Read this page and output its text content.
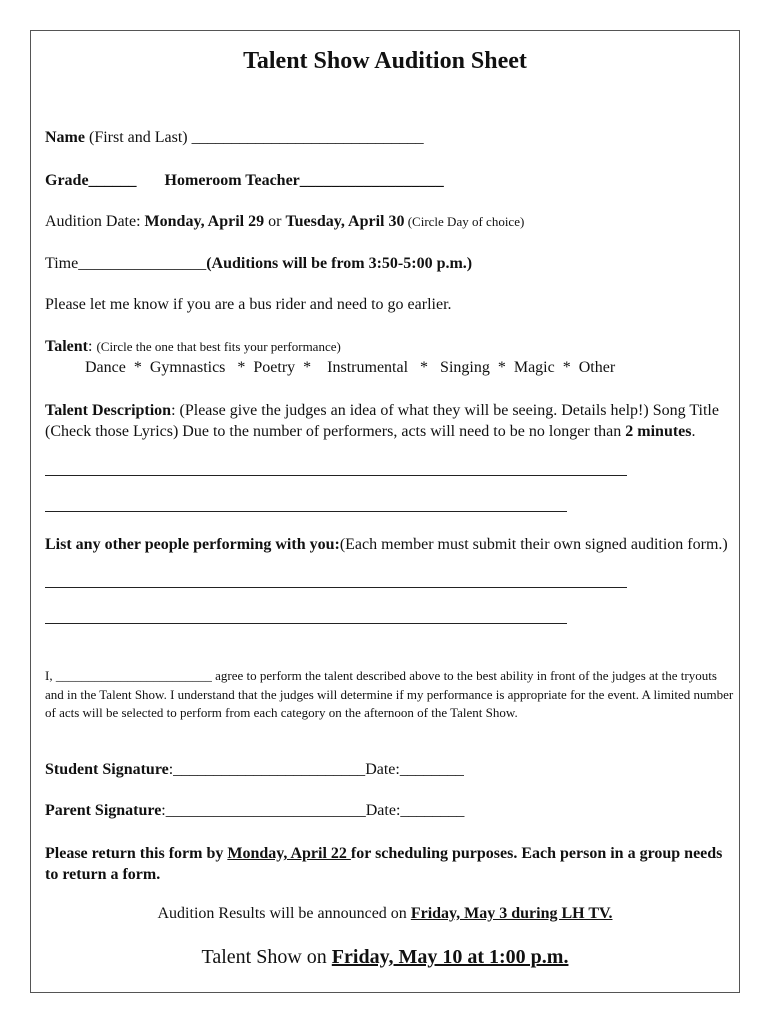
Talent Show Audition Sheet
Name (First and Last) _____________________________
Grade______ Homeroom Teacher__________________
Audition Date: Monday, April 29 or Tuesday, April 30 (Circle Day of choice)
Time________________(Auditions will be from 3:50-5:00 p.m.)
Please let me know if you are a bus rider and need to go earlier.
Talent: (Circle the one that best fits your performance)
Dance  *  Gymnastics   *  Poetry  *    Instrumental   *   Singing  *  Magic  *  Other
Talent Description: (Please give the judges an idea of what they will be seeing. Details help!) Song Title (Check those Lyrics) Due to the number of performers, acts will need to be no longer than 2 minutes.
List any other people performing with you:(Each member must submit their own signed audition form.)
I, ________________________ agree to perform the talent described above to the best ability in front of the judges at the tryouts and in the Talent Show. I understand that the judges will determine if my performance is appropriate for the event. A limited number of acts will be selected to perform from each category on the afternoon of the Talent Show.
Student Signature:________________________Date:________
Parent Signature:_________________________Date:________
Please return this form by Monday, April 22 for scheduling purposes. Each person in a group needs to return a form.
Audition Results will be announced on Friday, May 3 during LH TV.
Talent Show on Friday, May 10 at 1:00 p.m.
